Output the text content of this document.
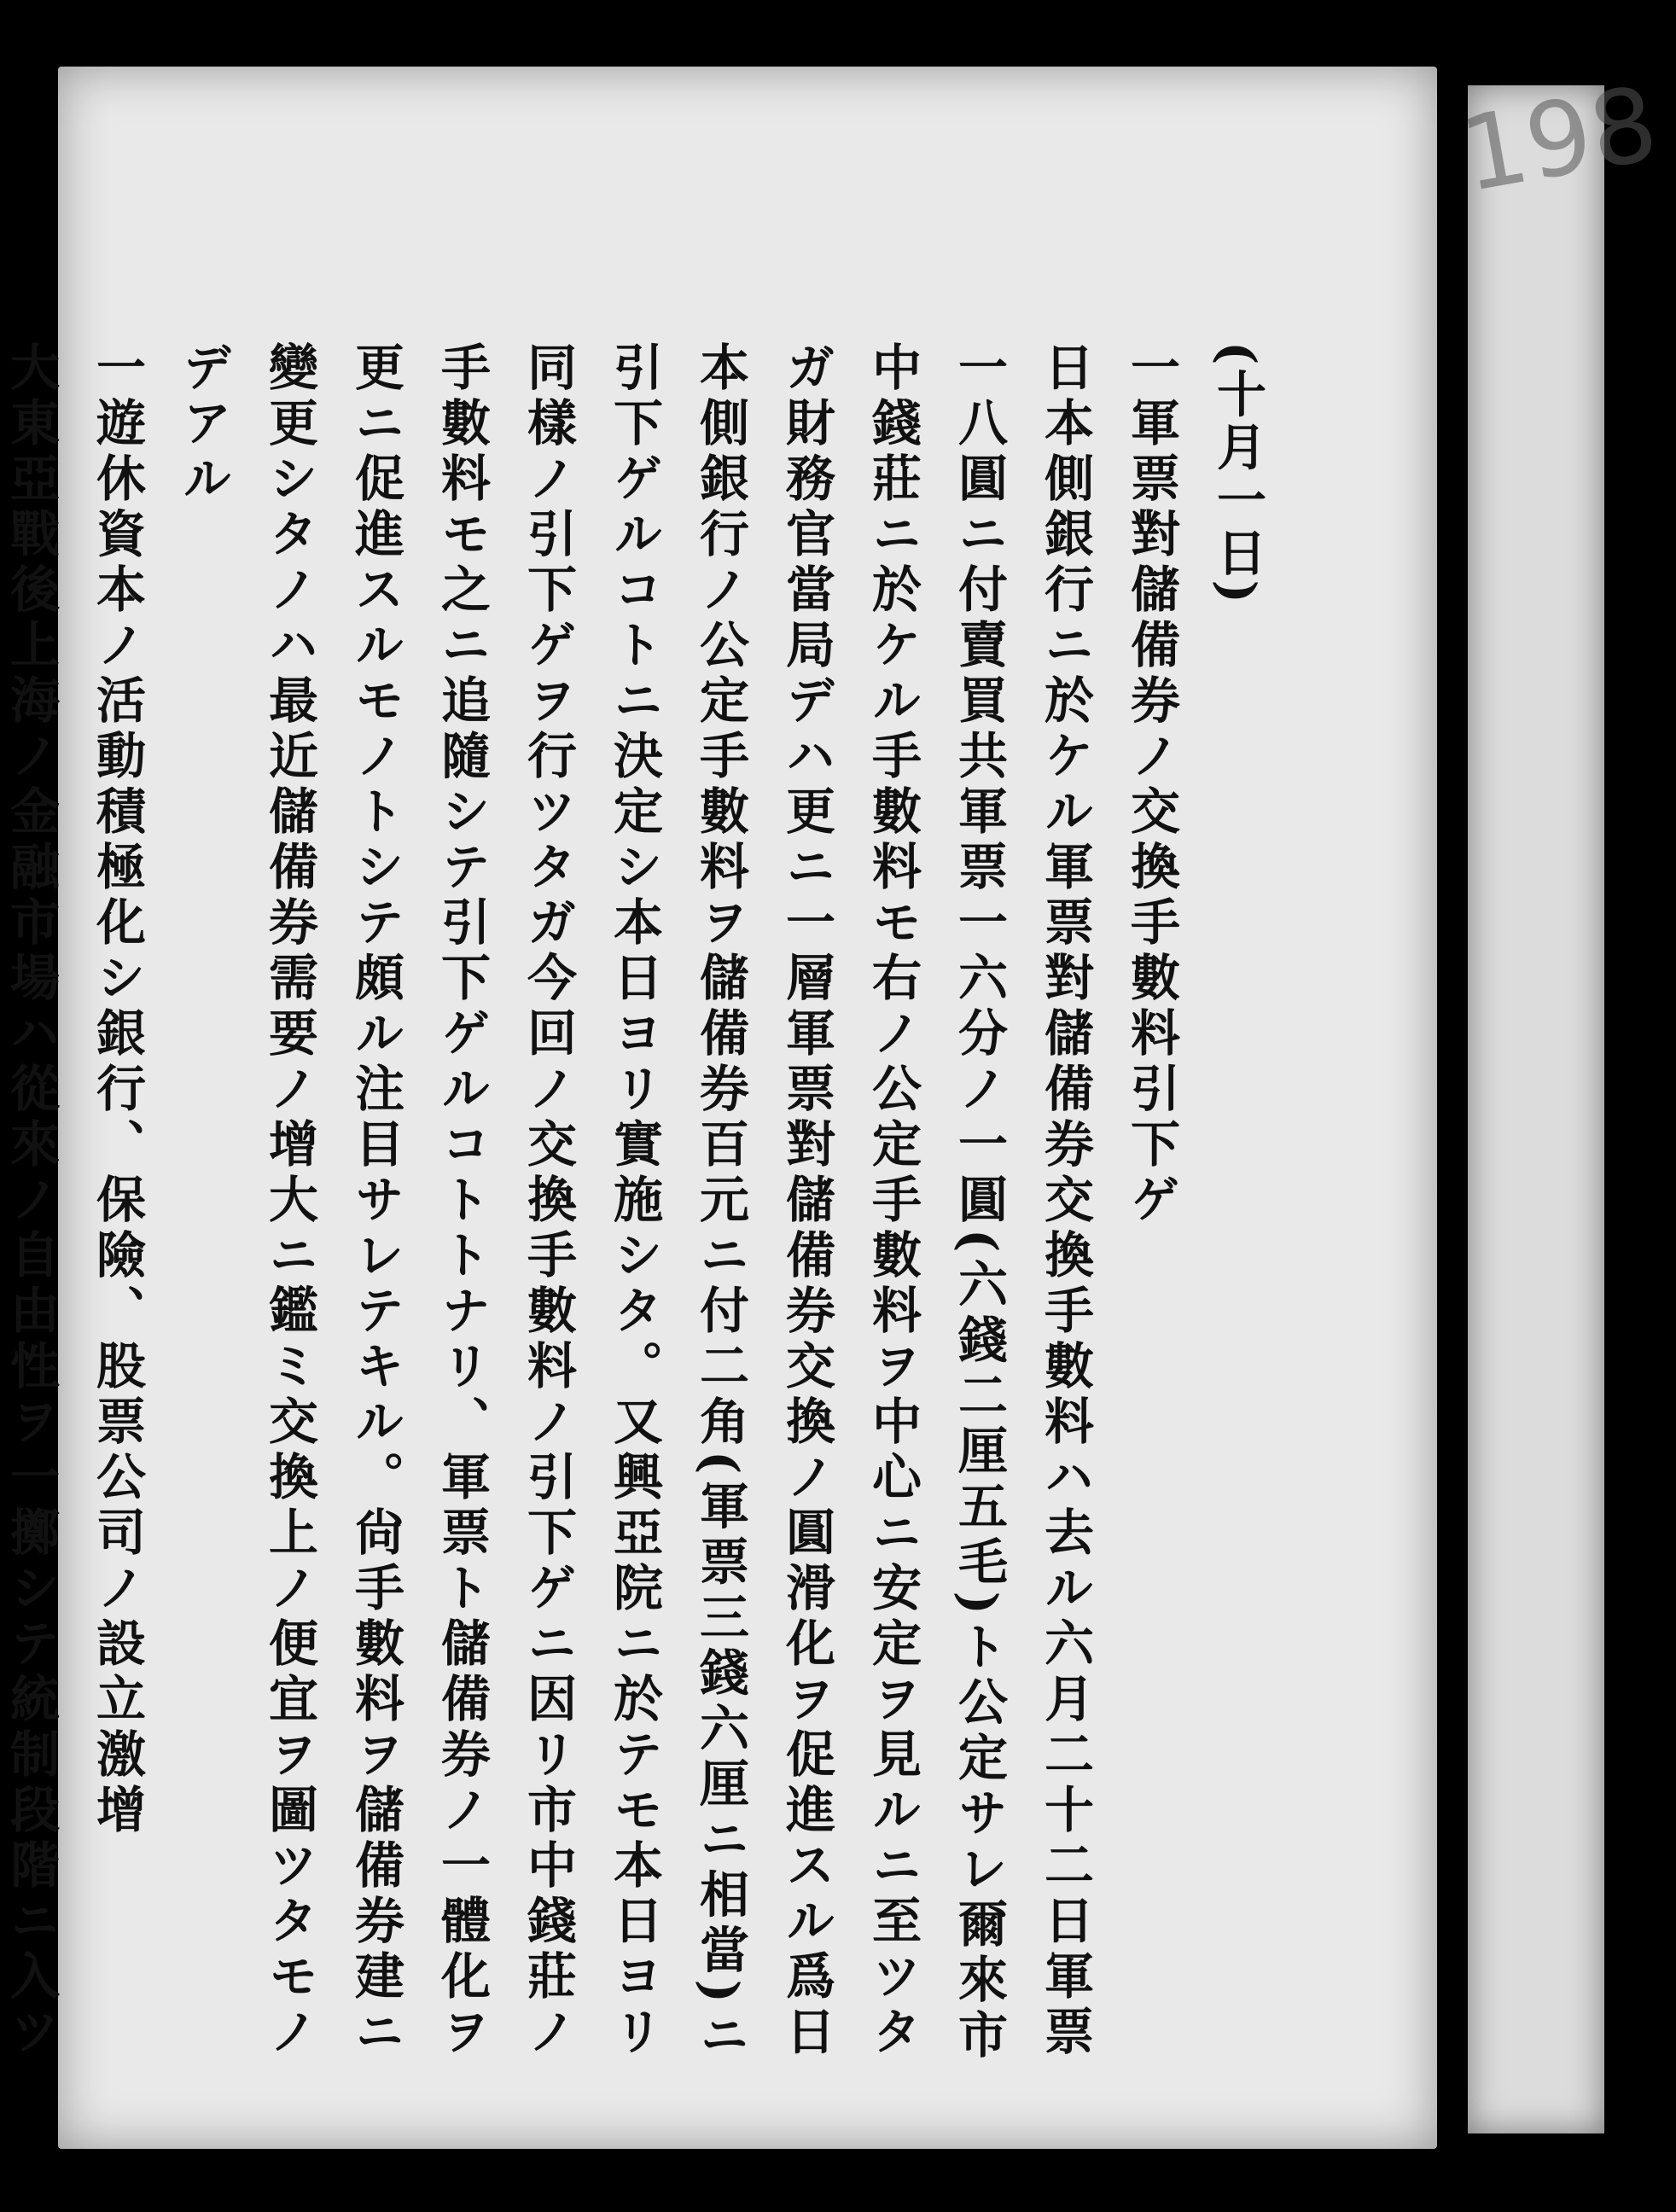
198

(十月一日)

一軍票對儲備券ノ交換手數料引下ゲ

日本側銀行ニ於ケル軍票對儲備券交換手數料ハ去ル六月二十二日軍票一八圓ニ付賣買共軍票一六分ノ一圓(六錢二厘五毛)ト公定サレ爾來市中錢莊ニ於ケル手數料モ右ノ公定手數料ヲ中心ニ安定ヲ見ルニ至ツタガ財務官當局デハ更ニ一層軍票對儲備券交換ノ圓滑化ヲ促進スル爲日本側銀行ノ公定手數料ヲ儲備券百元ニ付二角(軍票三錢六厘ニ相當)ニ引下ゲルコトニ決定シ本日ヨリ實施シタ。又興亞院ニ於テモ本日ヨリ同樣ノ引下ゲヲ行ツタガ今回ノ交換手數料ノ引下ゲニ因リ市中錢莊ノ手數料モ之ニ追隨シテ引下ゲルコトトナリ、軍票ト儲備券ノ一體化ヲ更ニ促進スルモノトシテ頗ル注目サレテキル。尙手數料ヲ儲備券建ニ變更シタノハ最近儲備券需要ノ增大ニ鑑ミ交換上ノ便宜ヲ圖ツタモノデアル

一遊休資本ノ活動積極化シ銀行、保險、股票公司ノ設立激增

大東亞戰後上海ノ金融市場ハ從來ノ自由性ヲ一擲シテ統制段階ニ入ツ
